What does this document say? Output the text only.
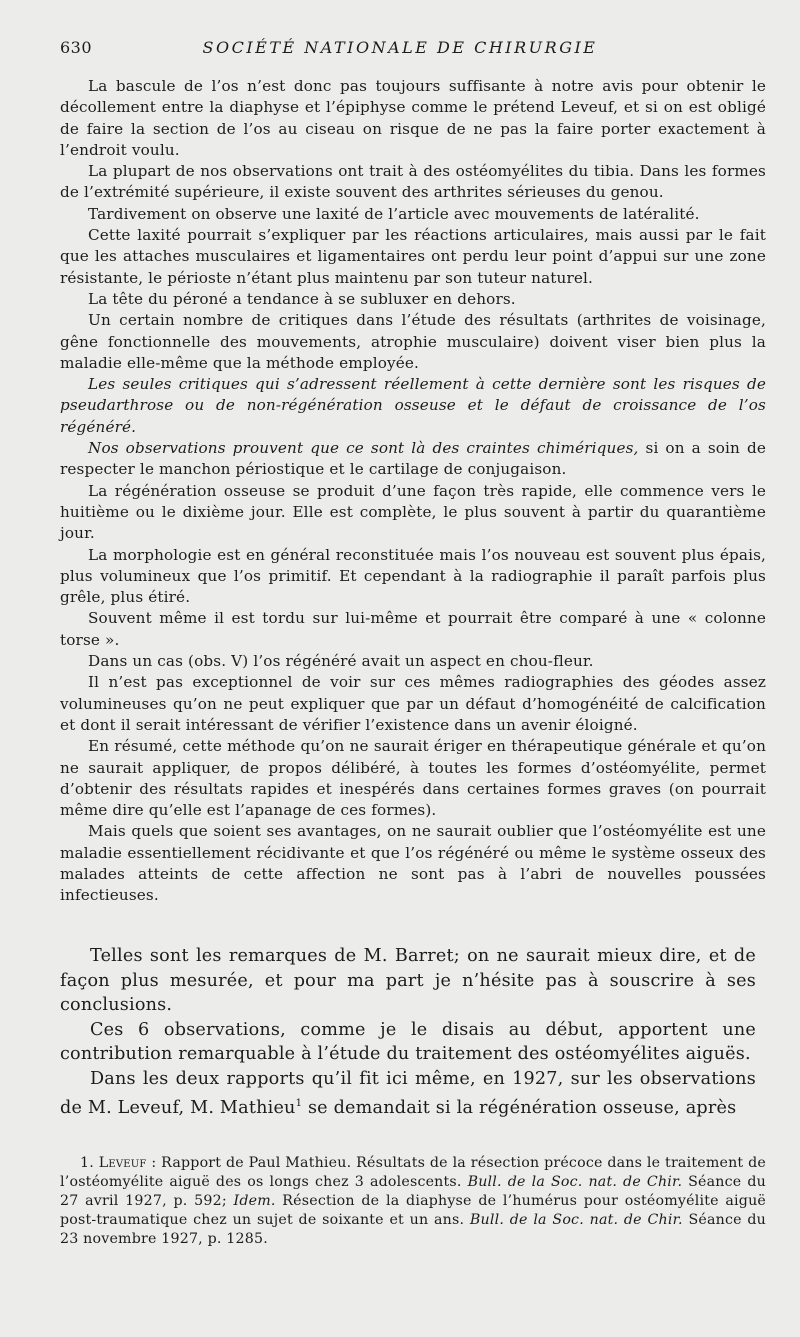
630	SOCIÉTÉ NATIONALE DE CHIRURGIE

La bascule de l’os n’est donc pas toujours suffisante à notre avis pour obtenir le décollement entre la diaphyse et l’épiphyse comme le prétend Leveuf, et si on est obligé de faire la section de l’os au ciseau on risque de ne pas la faire porter exactement à l’endroit voulu.

La plupart de nos observations ont trait à des ostéomyélites du tibia. Dans les formes de l’extrémité supérieure, il existe souvent des arthrites sérieuses du genou.

Tardivement on observe une laxité de l’article avec mouvements de latéralité.

Cette laxité pourrait s’expliquer par les réactions articulaires, mais aussi par le fait que les attaches musculaires et ligamentaires ont perdu leur point d’appui sur une zone résistante, le périoste n’étant plus maintenu par son tuteur naturel.

La tête du péroné a tendance à se subluxer en dehors.

Un certain nombre de critiques dans l’étude des résultats (arthrites de voisinage, gêne fonctionnelle des mouvements, atrophie musculaire) doivent viser bien plus la maladie elle-même que la méthode employée.

Les seules critiques qui s’adressent réellement à cette dernière sont les risques de pseudarthrose ou de non-régénération osseuse et le défaut de croissance de l’os régénéré.

Nos observations prouvent que ce sont là des craintes chimériques, si on a soin de respecter le manchon périostique et le cartilage de conjugaison.

La régénération osseuse se produit d’une façon très rapide, elle commence vers le huitième ou le dixième jour. Elle est complète, le plus souvent à partir du quarantième jour.

La morphologie est en général reconstituée mais l’os nouveau est souvent plus épais, plus volumineux que l’os primitif. Et cependant à la radiographie il paraît parfois plus grêle, plus étiré.

Souvent même il est tordu sur lui-même et pourrait être comparé à une « colonne torse ».

Dans un cas (obs. V) l’os régénéré avait un aspect en chou-fleur.

Il n’est pas exceptionnel de voir sur ces mêmes radiographies des géodes assez volumineuses qu’on ne peut expliquer que par un défaut d’homogénéité de calcification et dont il serait intéressant de vérifier l’existence dans un avenir éloigné.

En résumé, cette méthode qu’on ne saurait ériger en thérapeutique générale et qu’on ne saurait appliquer, de propos délibéré, à toutes les formes d’ostéomyélite, permet d’obtenir des résultats rapides et inespérés dans certaines formes graves (on pourrait même dire qu’elle est l’apanage de ces formes).

Mais quels que soient ses avantages, on ne saurait oublier que l’ostéomyélite est une maladie essentiellement récidivante et que l’os régénéré ou même le système osseux des malades atteints de cette affection ne sont pas à l’abri de nouvelles poussées infectieuses.

Telles sont les remarques de M. Barret; on ne saurait mieux dire, et de façon plus mesurée, et pour ma part je n’hésite pas à souscrire à ses conclusions.

Ces 6 observations, comme je le disais au début, apportent une contribution remarquable à l’étude du traitement des ostéomyélites aiguës.

Dans les deux rapports qu’il fit ici même, en 1927, sur les observations de M. Leveuf, M. Mathieu$^1$ se demandait si la régénération osseuse, après

1. Leveuf : Rapport de Paul Mathieu. Résultats de la résection précoce dans le traitement de l’ostéomyélite aiguë des os longs chez 3 adolescents. Bull. de la Soc. nat. de Chir. Séance du 27 avril 1927, p. 592; Idem. Résection de la diaphyse de l’humérus pour ostéomyélite aiguë post-traumatique chez un sujet de soixante et un ans. Bull. de la Soc. nat. de Chir. Séance du 23 novembre 1927, p. 1285.
